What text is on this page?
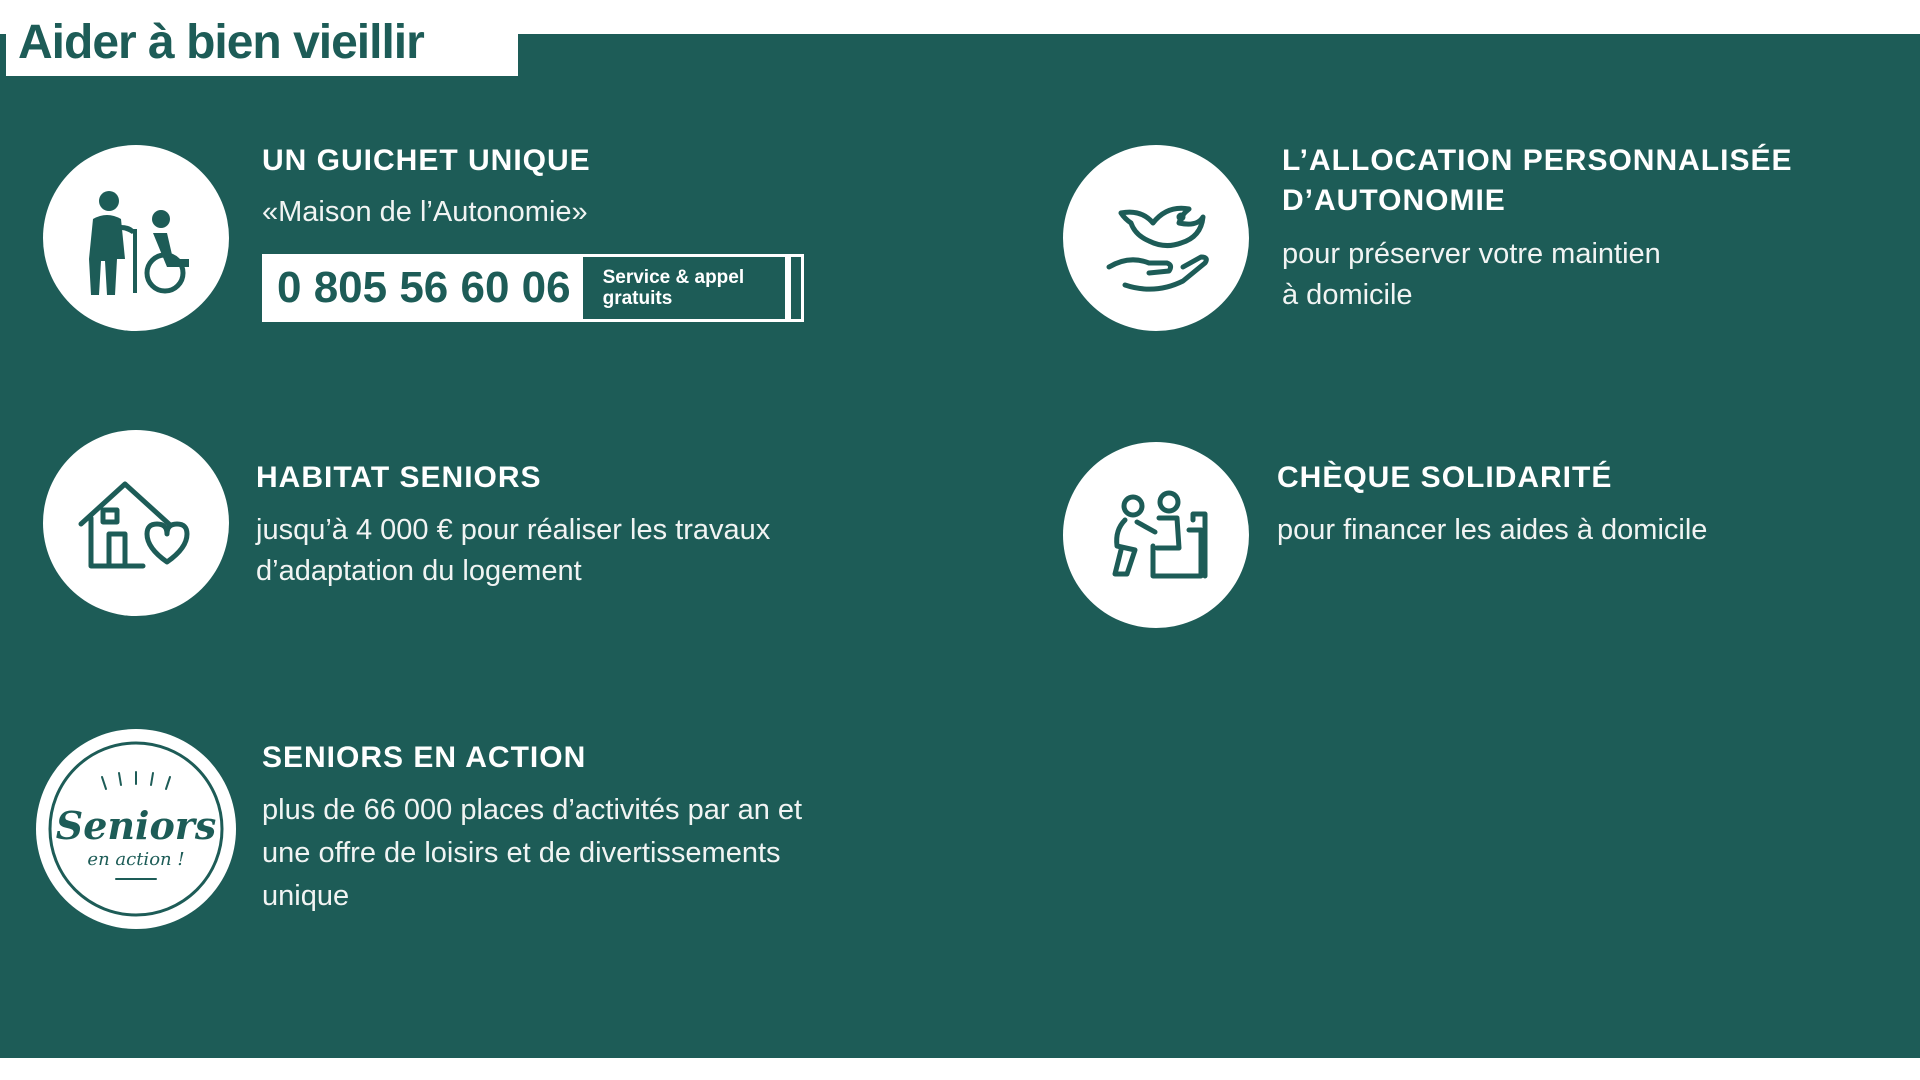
Aider à bien vieillir
UN GUICHET UNIQUE
«Maison de l’Autonomie»
0 805 56 60 06	Service & appel gratuits
L’ALLOCATION PERSONNALISÉE
D’AUTONOMIE
pour préserver votre maintien
à domicile
HABITAT SENIORS
jusqu’à 4 000 € pour réaliser les travaux
d’adaptation du logement
CHÈQUE SOLIDARITÉ
pour financer les aides à domicile
Seniors
en action !
SENIORS EN ACTION
plus de 66 000 places d’activités par an et
une offre de loisirs et de divertissements
unique
